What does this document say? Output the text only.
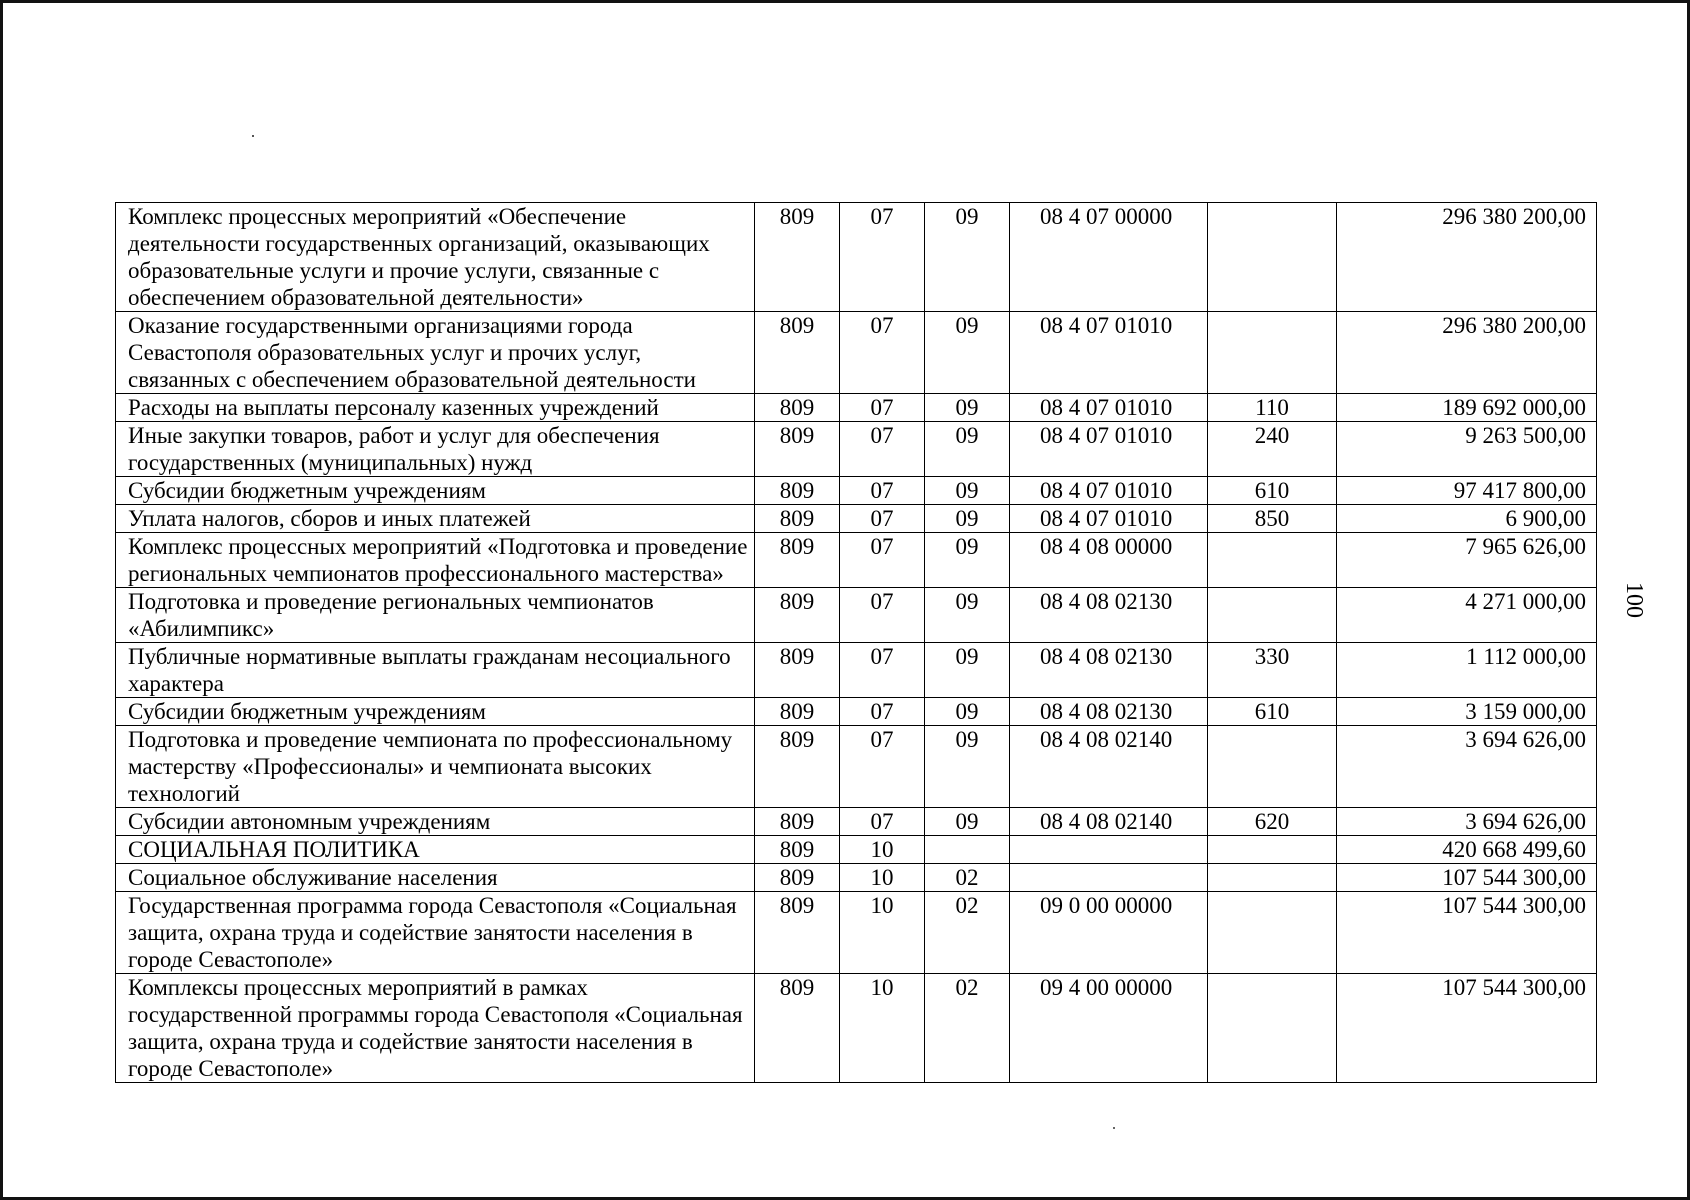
Комплекс процессных мероприятий «Обеспечение деятельности государственных организаций, оказывающих образовательные услуги и прочие услуги, связанные с обеспечением образовательной деятельности»	809	07	09	08 4 07 00000		296 380 200,00
Оказание государственными организациями города Севастополя образовательных услуг и прочих услуг, связанных с обеспечением образовательной деятельности	809	07	09	08 4 07 01010		296 380 200,00
Расходы на выплаты персоналу казенных учреждений	809	07	09	08 4 07 01010	110	189 692 000,00
Иные закупки товаров, работ и услуг для обеспечения государственных (муниципальных) нужд	809	07	09	08 4 07 01010	240	9 263 500,00
Субсидии бюджетным учреждениям	809	07	09	08 4 07 01010	610	97 417 800,00
Уплата налогов, сборов и иных платежей	809	07	09	08 4 07 01010	850	6 900,00
Комплекс процессных мероприятий «Подготовка и проведение региональных чемпионатов профессионального мастерства»	809	07	09	08 4 08 00000		7 965 626,00
Подготовка и проведение региональных чемпионатов «Абилимпикс»	809	07	09	08 4 08 02130		4 271 000,00
Публичные нормативные выплаты гражданам несоциального характера	809	07	09	08 4 08 02130	330	1 112 000,00
Субсидии бюджетным учреждениям	809	07	09	08 4 08 02130	610	3 159 000,00
Подготовка и проведение чемпионата по профессиональному мастерству «Профессионалы» и чемпионата высоких технологий	809	07	09	08 4 08 02140		3 694 626,00
Субсидии автономным учреждениям	809	07	09	08 4 08 02140	620	3 694 626,00
СОЦИАЛЬНАЯ ПОЛИТИКА	809	10				420 668 499,60
Социальное обслуживание населения	809	10	02			107 544 300,00
Государственная программа города Севастополя «Социальная защита, охрана труда и содействие занятости населения в городе Севастополе»	809	10	02	09 0 00 00000		107 544 300,00
Комплексы процессных мероприятий в рамках государственной программы города Севастополя «Социальная защита, охрана труда и содействие занятости населения в городе Севастополе»	809	10	02	09 4 00 00000		107 544 300,00
100
